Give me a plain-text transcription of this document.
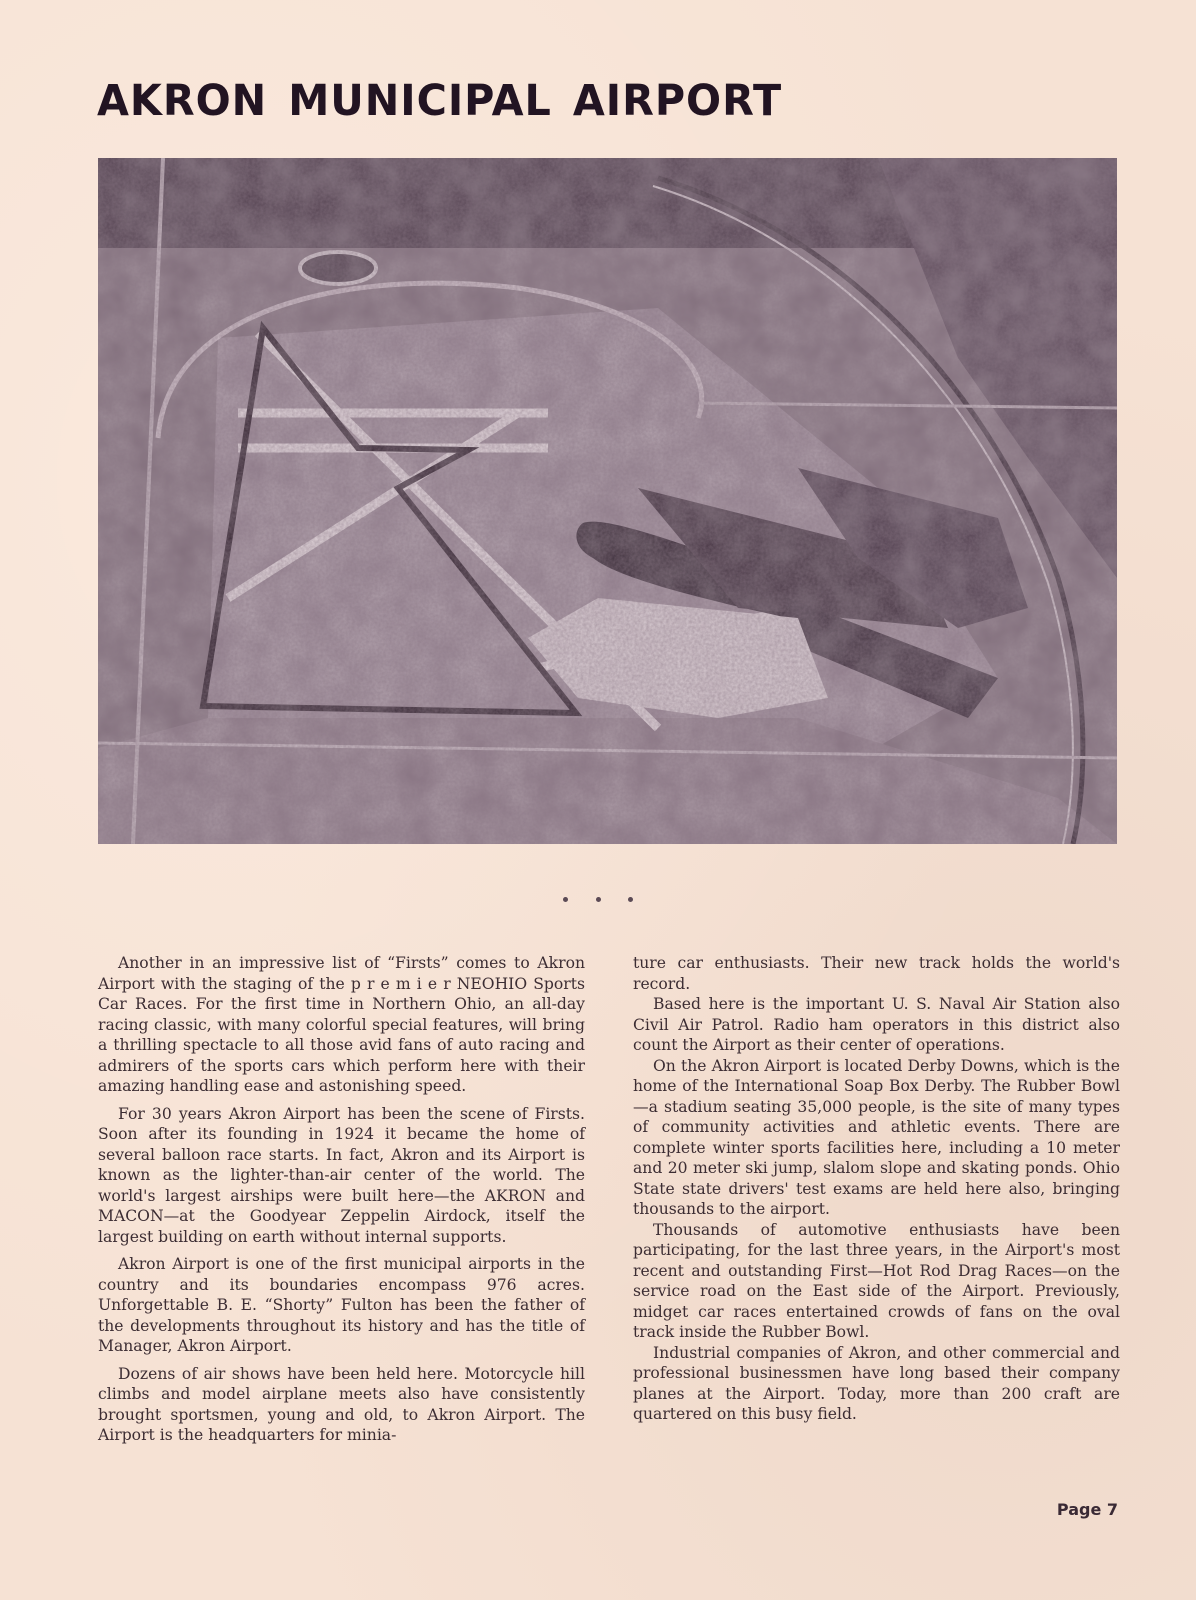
AKRON MUNICIPAL AIRPORT

Another in an impressive list of “Firsts” comes to Akron Airport with the staging of the p r e m i e r NEOHIO Sports Car Races. For the first time in Northern Ohio, an all-day racing classic, with many colorful special features, will bring a thrilling spectacle to all those avid fans of auto racing and admirers of the sports cars which perform here with their amazing handling ease and astonishing speed.

For 30 years Akron Airport has been the scene of Firsts. Soon after its founding in 1924 it became the home of several balloon race starts. In fact, Akron and its Airport is known as the lighter-than-air center of the world. The world's largest airships were built here—the AKRON and MACON—at the Goodyear Zeppelin Airdock, itself the largest building on earth without internal supports.

Akron Airport is one of the first municipal airports in the country and its boundaries encompass 976 acres. Unforgettable B. E. “Shorty” Fulton has been the father of the developments throughout its history and has the title of Manager, Akron Airport.

Dozens of air shows have been held here. Motorcycle hill climbs and model airplane meets also have consistently brought sportsmen, young and old, to Akron Airport. The Airport is the headquarters for minia-

ture car enthusiasts. Their new track holds the world's record.

Based here is the important U. S. Naval Air Station also Civil Air Patrol. Radio ham operators in this district also count the Airport as their center of operations.

On the Akron Airport is located Derby Downs, which is the home of the International Soap Box Derby. The Rubber Bowl—a stadium seating 35,000 people, is the site of many types of community activities and athletic events. There are complete winter sports facilities here, including a 10 meter and 20 meter ski jump, slalom slope and skating ponds. Ohio State state drivers' test exams are held here also, bringing thousands to the airport.

Thousands of automotive enthusiasts have been participating, for the last three years, in the Airport's most recent and outstanding First—Hot Rod Drag Races—on the service road on the East side of the Airport. Previously, midget car races entertained crowds of fans on the oval track inside the Rubber Bowl.

Industrial companies of Akron, and other commercial and professional businessmen have long based their company planes at the Airport. Today, more than 200 craft are quartered on this busy field.

Page 7
